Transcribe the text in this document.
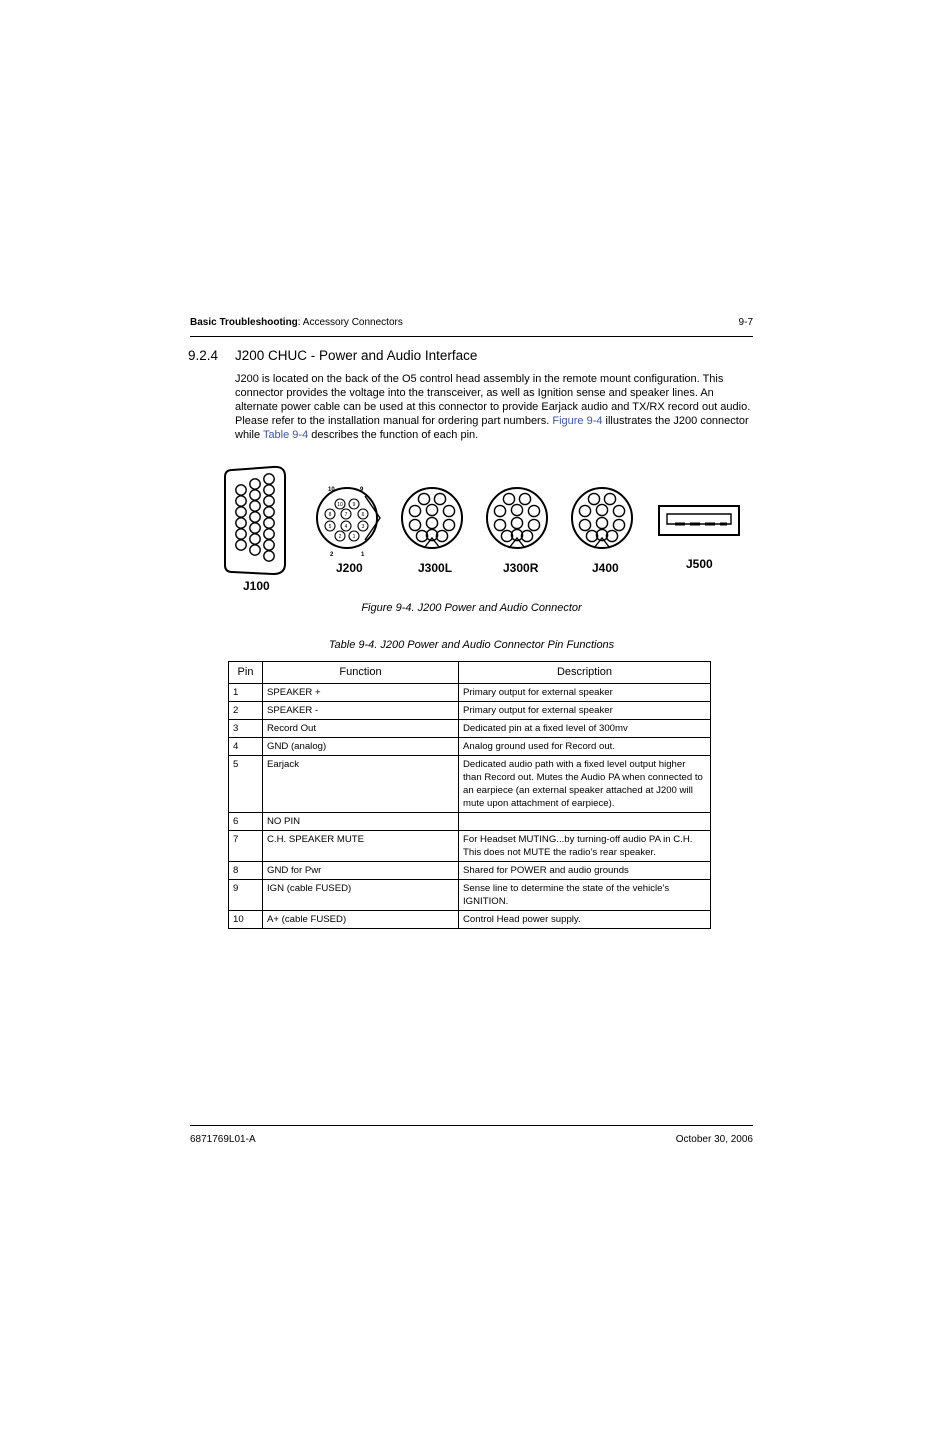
Basic Troubleshooting: Accessory Connectors	9-7
9.2.4 J200 CHUC - Power and Audio Interface
J200 is located on the back of the O5 control head assembly in the remote mount configuration. This connector provides the voltage into the transceiver, as well as Ignition sense and speaker lines. An alternate power cable can be used at this connector to provide Earjack audio and TX/RX record out audio. Please refer to the installation manual for ordering part numbers. Figure 9-4 illustrates the J200 connector while Table 9-4 describes the function of each pin.
J100
10 9
8	7	6
5	4	3
2 1
10	9
2	1
J200	J300L	J300R	J400	J500
Figure 9-4. J200 Power and Audio Connector
Table 9-4. J200 Power and Audio Connector Pin Functions
Pin	Function	Description
1	SPEAKER +	Primary output for external speaker
2	SPEAKER -	Primary output for external speaker
3	Record Out	Dedicated pin at a fixed level of 300mv
4	GND (analog)	Analog ground used for Record out.
5	Earjack	Dedicated audio path with a fixed level output higher than Record out. Mutes the Audio PA when connected to an earpiece (an external speaker attached at J200 will mute upon attachment of earpiece).
6	NO PIN	
7	C.H. SPEAKER MUTE	For Headset MUTING...by turning-off audio PA in C.H. This does not MUTE the radio’s rear speaker.
8	GND for Pwr	Shared for POWER and audio grounds
9	IGN (cable FUSED)	Sense line to determine the state of the vehicle’s IGNITION.
10	A+ (cable FUSED)	Control Head power supply.
6871769L01-A	October 30, 2006
